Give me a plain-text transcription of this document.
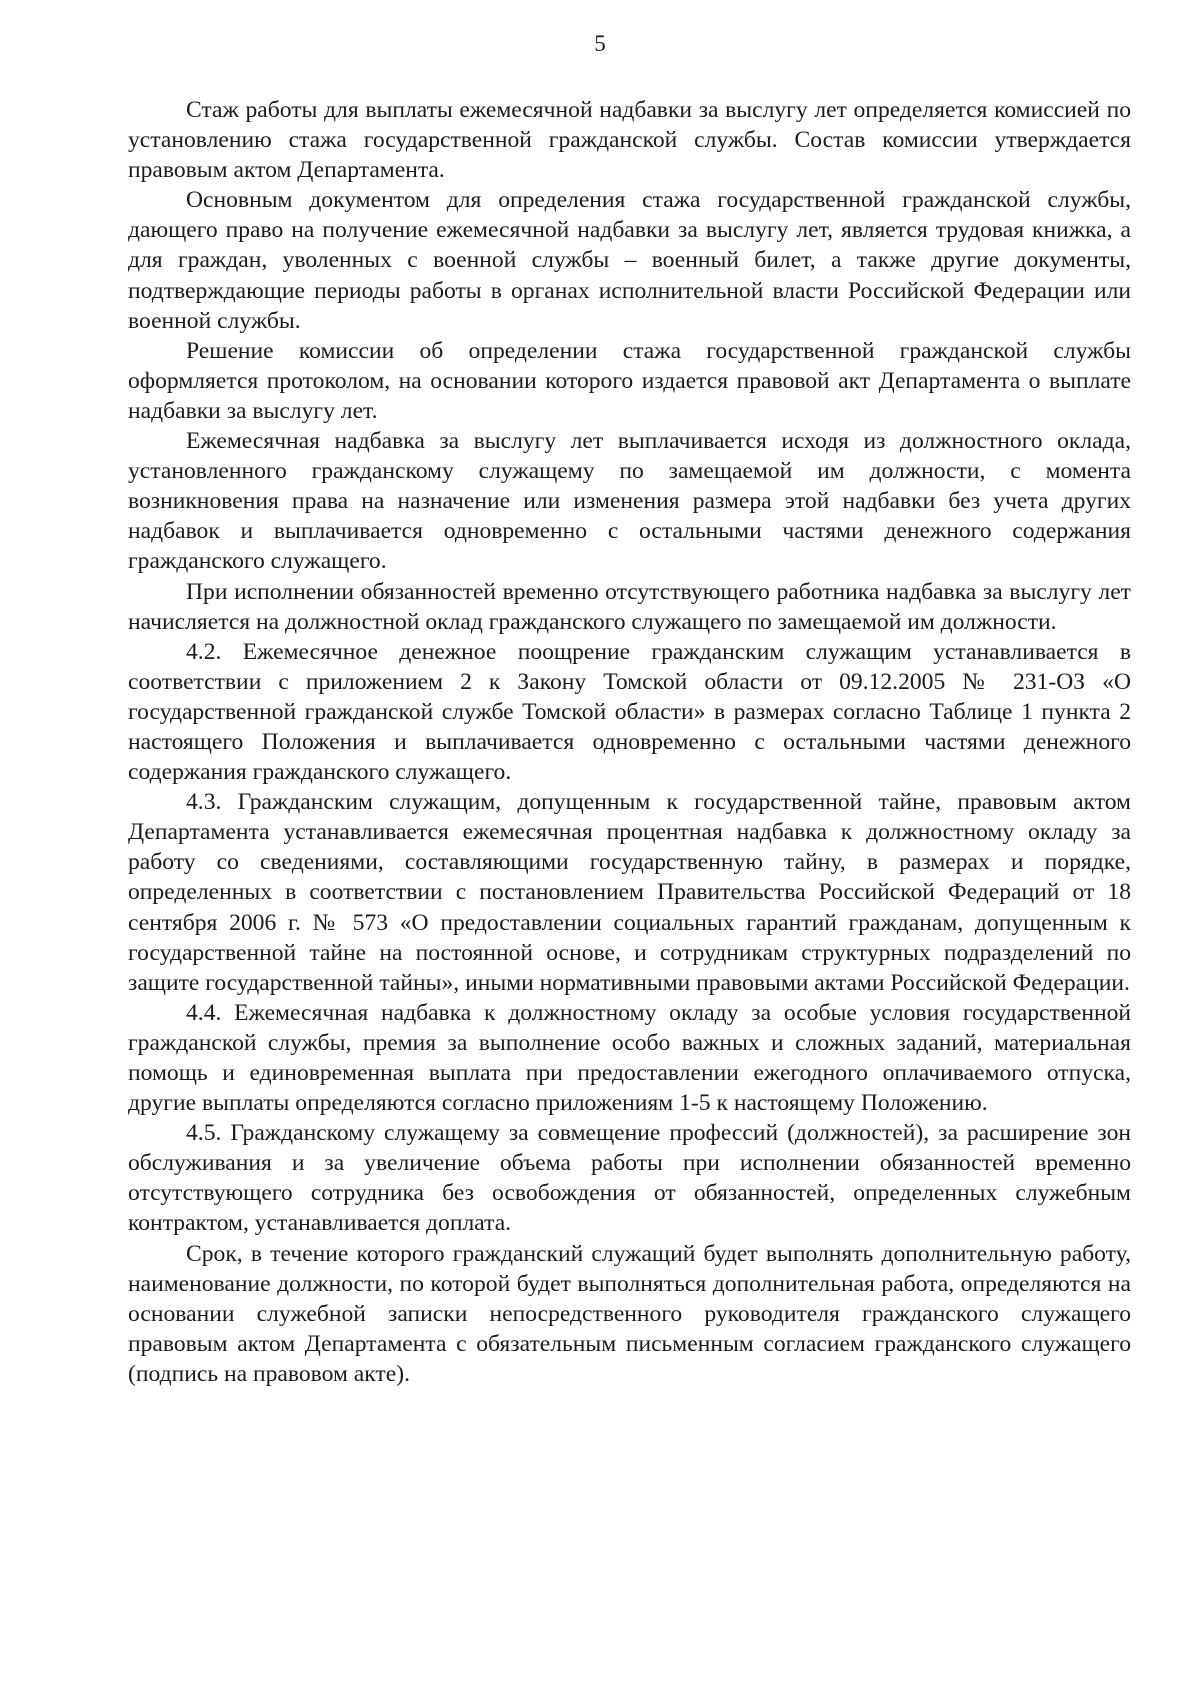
5

Стаж работы для выплаты ежемесячной надбавки за выслугу лет определяется комиссией по установлению стажа государственной гражданской службы. Состав комиссии утверждается правовым актом Департамента.

Основным документом для определения стажа государственной гражданской службы, дающего право на получение ежемесячной надбавки за выслугу лет, является трудовая книжка, а для граждан, уволенных с военной службы – военный билет, а также другие документы, подтверждающие периоды работы в органах исполнительной власти Российской Федерации или военной службы.

Решение комиссии об определении стажа государственной гражданской службы оформляется протоколом, на основании которого издается правовой акт Департамента о выплате надбавки за выслугу лет.

Ежемесячная надбавка за выслугу лет выплачивается исходя из должностного оклада, установленного гражданскому служащему по замещаемой им должности, с момента возникновения права на назначение или изменения размера этой надбавки без учета других надбавок и выплачивается одновременно с остальными частями денежного содержания гражданского служащего.

При исполнении обязанностей временно отсутствующего работника надбавка за выслугу лет начисляется на должностной оклад гражданского служащего по замещаемой им должности.

4.2. Ежемесячное денежное поощрение гражданским служащим устанавливается в соответствии с приложением 2 к Закону Томской области от 09.12.2005 № 231-ОЗ «О государственной гражданской службе Томской области» в размерах согласно Таблице 1 пункта 2 настоящего Положения и выплачивается одновременно с остальными частями денежного содержания гражданского служащего.

4.3. Гражданским служащим, допущенным к государственной тайне, правовым актом Департамента устанавливается ежемесячная процентная надбавка к должностному окладу за работу со сведениями, составляющими государственную тайну, в размерах и порядке, определенных в соответствии с постановлением Правительства Российской Федераций от 18 сентября 2006 г. № 573 «О предоставлении социальных гарантий гражданам, допущенным к государственной тайне на постоянной основе, и сотрудникам структурных подразделений по защите государственной тайны», иными нормативными правовыми актами Российской Федерации.

4.4. Ежемесячная надбавка к должностному окладу за особые условия государственной гражданской службы, премия за выполнение особо важных и сложных заданий, материальная помощь и единовременная выплата при предоставлении ежегодного оплачиваемого отпуска, другие выплаты определяются согласно приложениям 1-5 к настоящему Положению.

4.5. Гражданскому служащему за совмещение профессий (должностей), за расширение зон обслуживания и за увеличение объема работы при исполнении обязанностей временно отсутствующего сотрудника без освобождения от обязанностей, определенных служебным контрактом, устанавливается доплата.

Срок, в течение которого гражданский служащий будет выполнять дополнительную работу, наименование должности, по которой будет выполняться дополнительная работа, определяются на основании служебной записки непосредственного руководителя гражданского служащего правовым актом Департамента с обязательным письменным согласием гражданского служащего (подпись на правовом акте).
